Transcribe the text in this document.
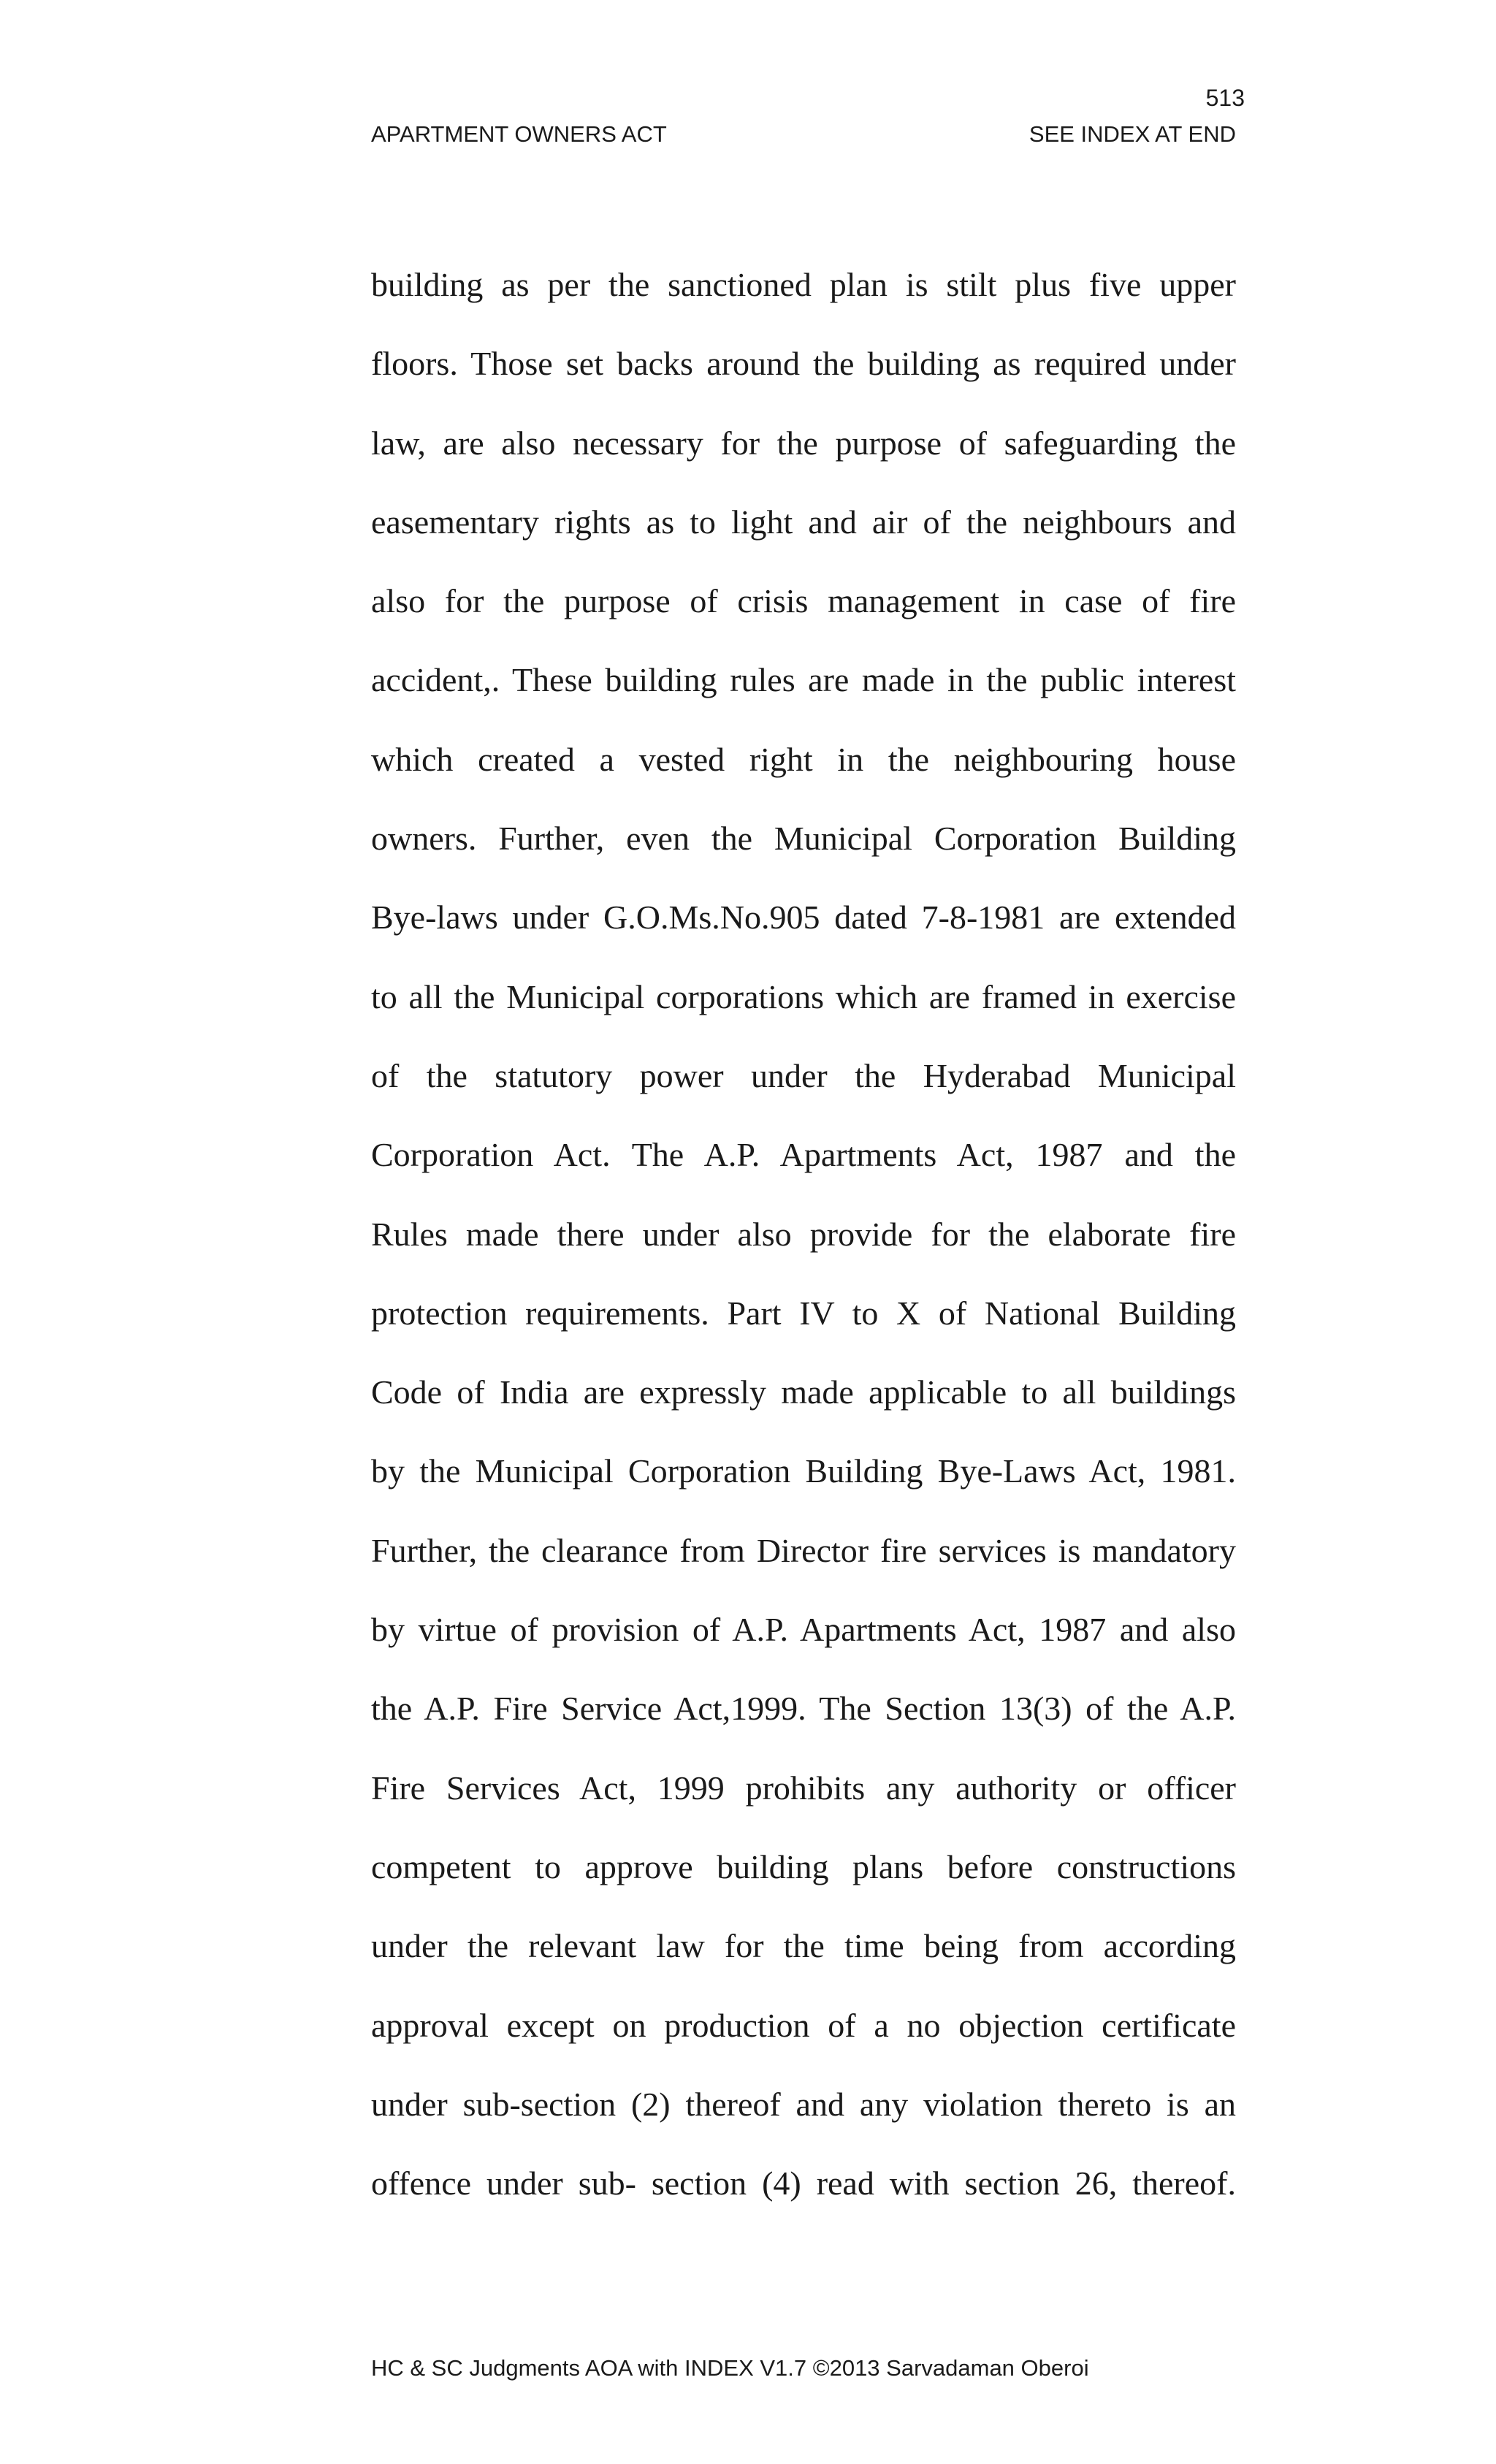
513
APARTMENT OWNERS ACT	SEE INDEX AT END
building as per the sanctioned plan is stilt plus five upper
floors. Those set backs around the building as required under
law, are also necessary for the purpose of safeguarding the
easementary rights as to light and air of the neighbours and
also for the purpose of crisis management in case of fire
accident,. These building rules are made in the public interest
which created a vested right in the neighbouring house
owners. Further, even the Municipal Corporation Building
Bye-laws under G.O.Ms.No.905 dated 7-8-1981 are extended
to all the Municipal corporations which are framed in exercise
of the statutory power under the Hyderabad Municipal
Corporation Act. The A.P. Apartments Act, 1987 and the
Rules made there under also provide for the elaborate fire
protection requirements. Part IV to X of National Building
Code of India are expressly made applicable to all buildings
by the Municipal Corporation Building Bye-Laws Act, 1981.
Further, the clearance from Director fire services is mandatory
by virtue of provision of A.P. Apartments Act, 1987 and also
the A.P. Fire Service Act,1999. The Section 13(3) of the A.P.
Fire Services Act, 1999 prohibits any authority or officer
competent to approve building plans before constructions
under the relevant law for the time being from according
approval except on production of a no objection certificate
under sub-section (2) thereof and any violation thereto is an
offence under sub- section (4) read with section 26, thereof.
HC & SC Judgments AOA with INDEX V1.7 ©2013 Sarvadaman Oberoi
